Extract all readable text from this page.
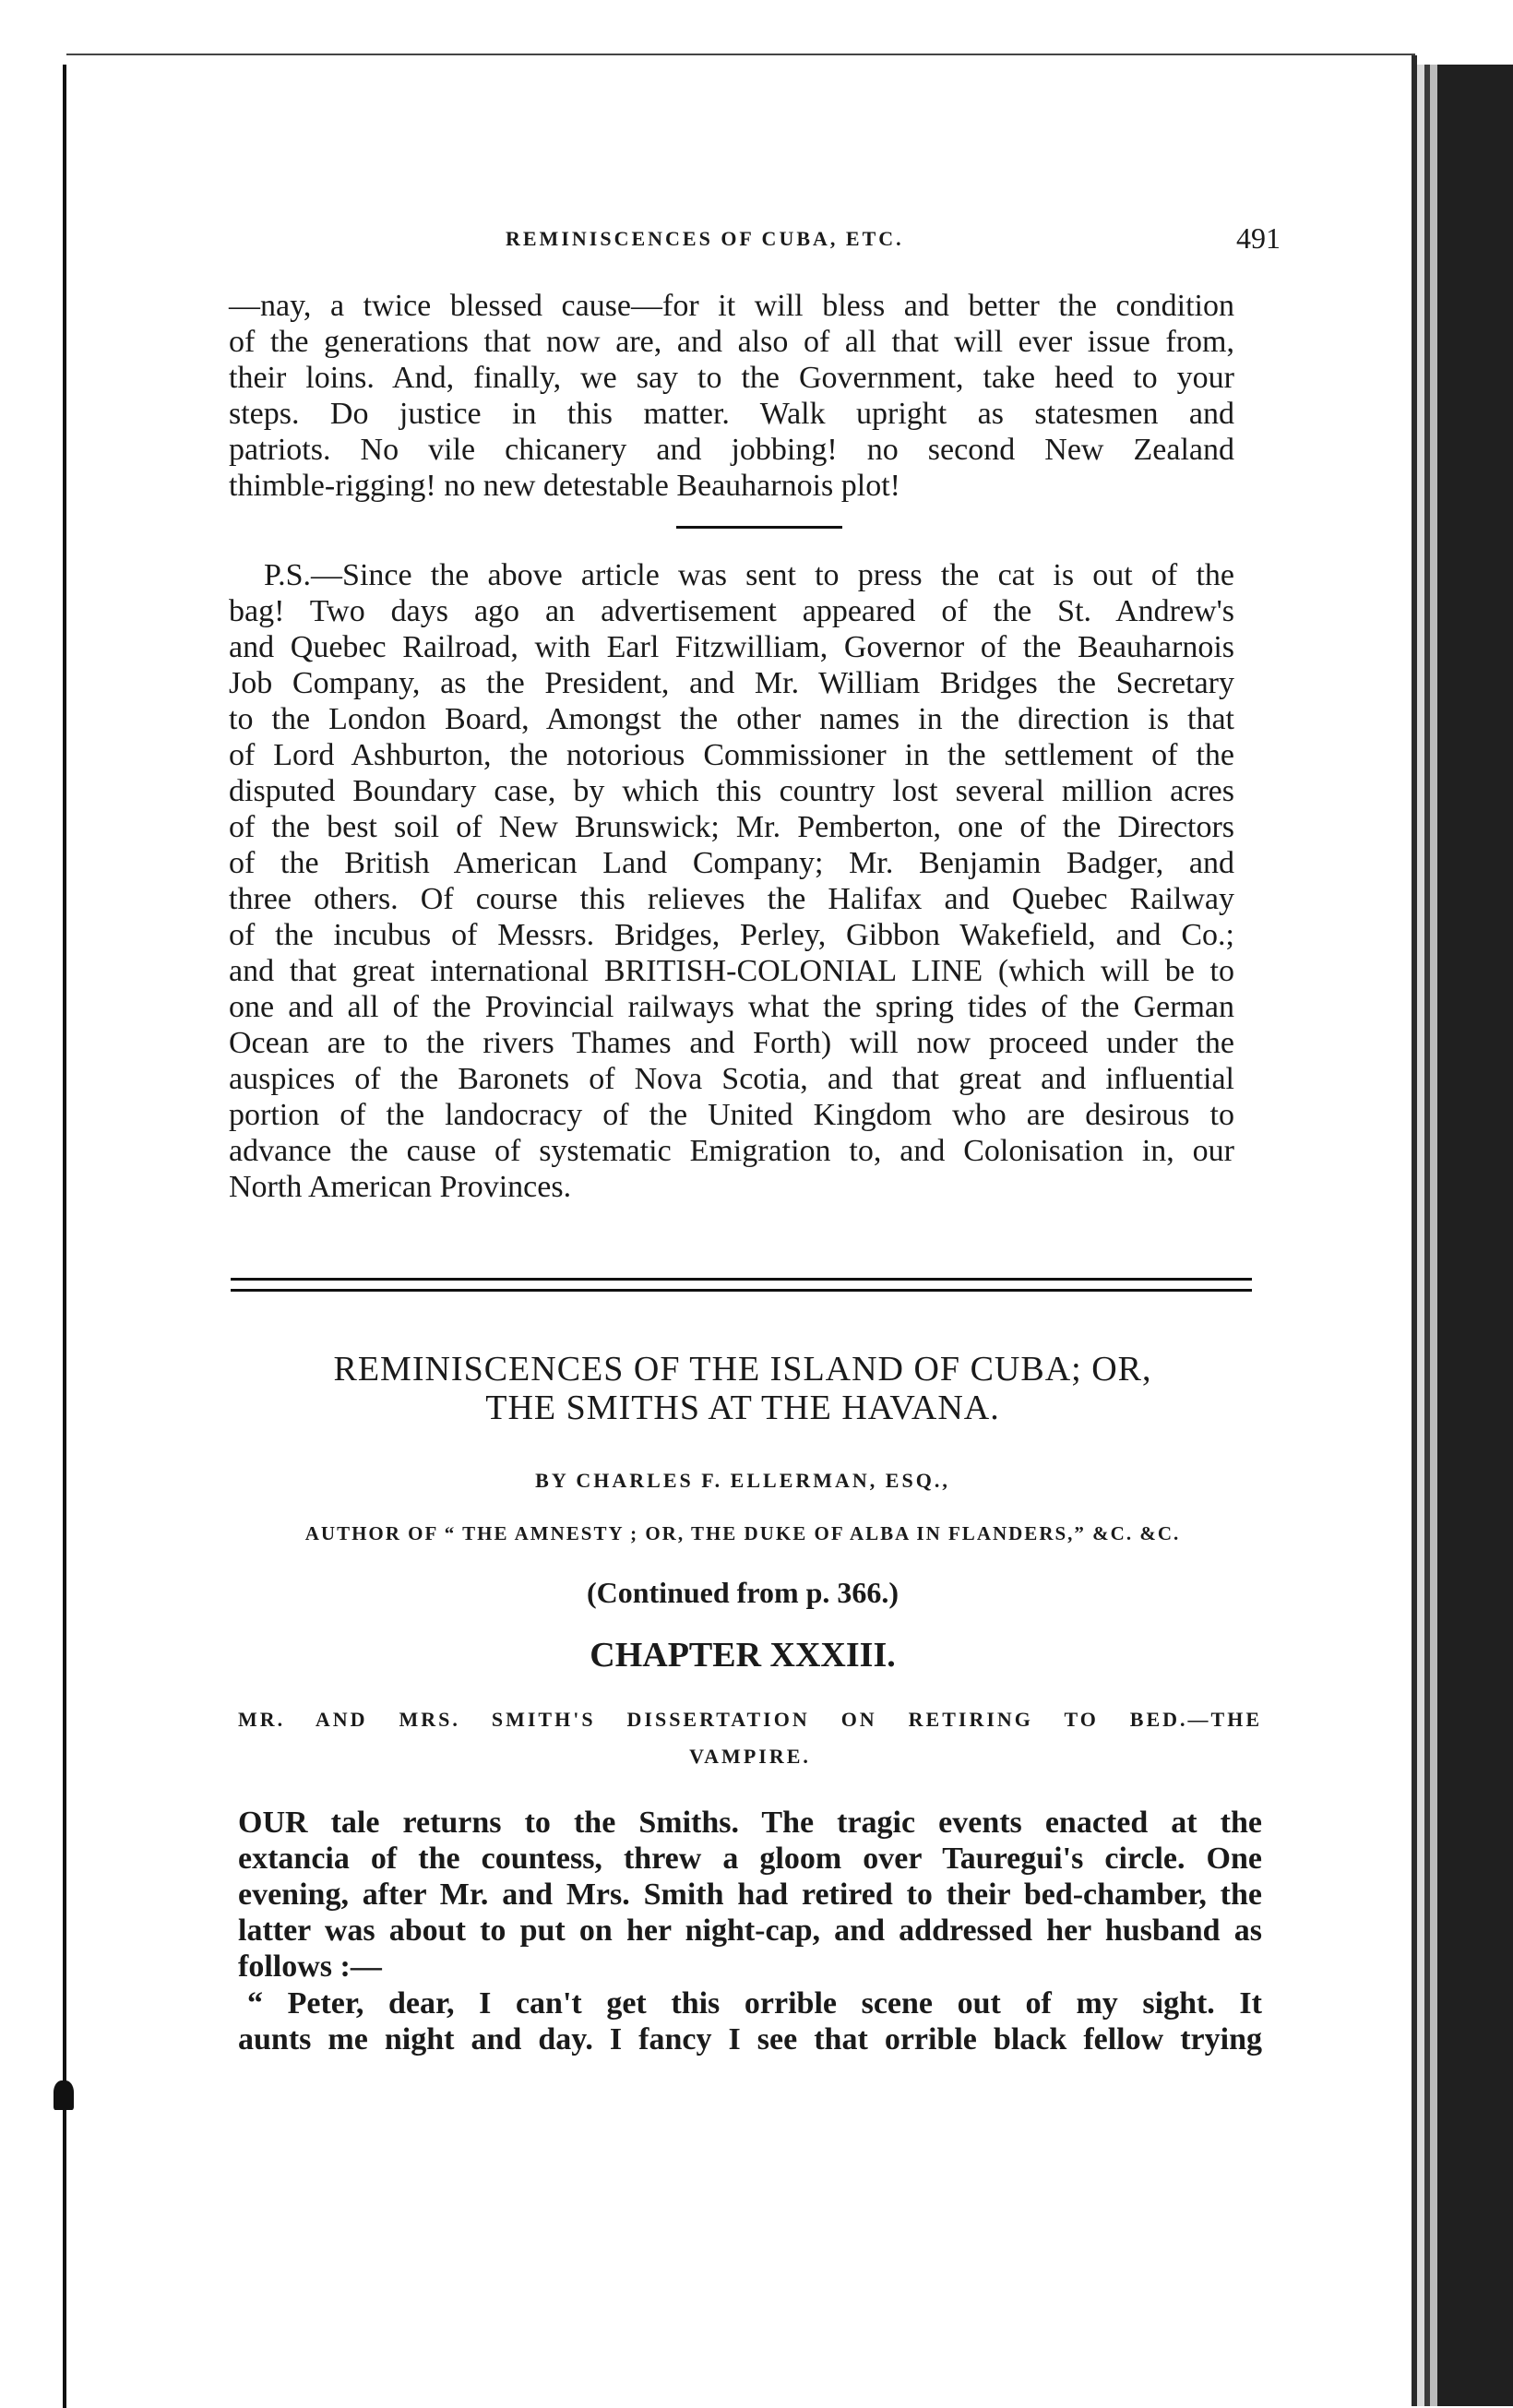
REMINISCENCES OF CUBA, ETC.	491
—nay, a twice blessed cause—for it will bless and better the condition
of the generations that now are, and also of all that will ever issue from,
their loins. And, finally, we say to the Government, take heed to your
steps. Do justice in this matter. Walk upright as statesmen and
patriots. No vile chicanery and jobbing! no second New Zealand
thimble-rigging! no new detestable Beauharnois plot!
P.S.—Since the above article was sent to press the cat is out of the
bag! Two days ago an advertisement appeared of the St. Andrew's
and Quebec Railroad, with Earl Fitzwilliam, Governor of the Beauharnois
Job Company, as the President, and Mr. William Bridges the Secretary
to the London Board, Amongst the other names in the direction is that
of Lord Ashburton, the notorious Commissioner in the settlement of the
disputed Boundary case, by which this country lost several million acres
of the best soil of New Brunswick; Mr. Pemberton, one of the Directors
of the British American Land Company; Mr. Benjamin Badger, and
three others. Of course this relieves the Halifax and Quebec Railway
of the incubus of Messrs. Bridges, Perley, Gibbon Wakefield, and Co.;
and that great international BRITISH-COLONIAL LINE (which will be to
one and all of the Provincial railways what the spring tides of the German
Ocean are to the rivers Thames and Forth) will now proceed under the
auspices of the Baronets of Nova Scotia, and that great and influential
portion of the landocracy of the United Kingdom who are desirous to
advance the cause of systematic Emigration to, and Colonisation in, our
North American Provinces.
REMINISCENCES OF THE ISLAND OF CUBA; OR,
THE SMITHS AT THE HAVANA.
BY CHARLES F. ELLERMAN, ESQ.,
AUTHOR OF “ THE AMNESTY ; OR, THE DUKE OF ALBA IN FLANDERS,” &C. &C.
(Continued from p. 366.)
CHAPTER XXXIII.
MR. AND MRS. SMITH'S DISSERTATION ON RETIRING TO BED.—THE
VAMPIRE.
OUR tale returns to the Smiths. The tragic events enacted at the
extancia of the countess, threw a gloom over Tauregui's circle. One
evening, after Mr. and Mrs. Smith had retired to their bed-chamber, the
latter was about to put on her night-cap, and addressed her husband as
follows :—
“ Peter, dear, I can't get this orrible scene out of my sight. It
aunts me night and day. I fancy I see that orrible black fellow trying
